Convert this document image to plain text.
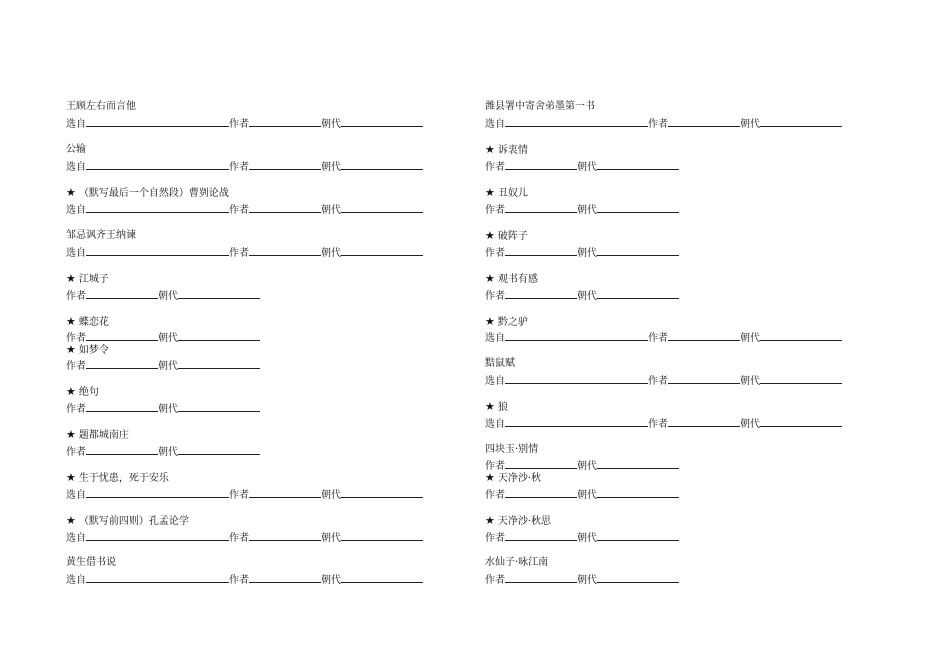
王顾左右而言他
选自	作者	朝代
公输
选自	作者	朝代
★ （默写最后一个自然段）曹刿论战
选自	作者	朝代
邹忌讽齐王纳谏
选自	作者	朝代
★ 江城子
作者	朝代
★ 蝶恋花
作者	朝代
★ 如梦令
作者	朝代
★ 绝句
作者	朝代
★ 题都城南庄
作者	朝代
★ 生于忧患，死于安乐
选自	作者	朝代
★ （默写前四则）孔孟论学
选自	作者	朝代
黄生借书说
选自	作者	朝代
潍县署中寄舍弟墨第一书
选自	作者	朝代
★ 诉衷情
作者	朝代
★ 丑奴儿
作者	朝代
★ 破阵子
作者	朝代
★ 观书有感
作者	朝代
★ 黔之驴
选自	作者	朝代
黠鼠赋
选自	作者	朝代
★ 狼
选自	作者	朝代
四块玉·别情
作者	朝代
★ 天净沙·秋
作者	朝代
★ 天净沙·秋思
作者	朝代
水仙子·咏江南
作者	朝代
